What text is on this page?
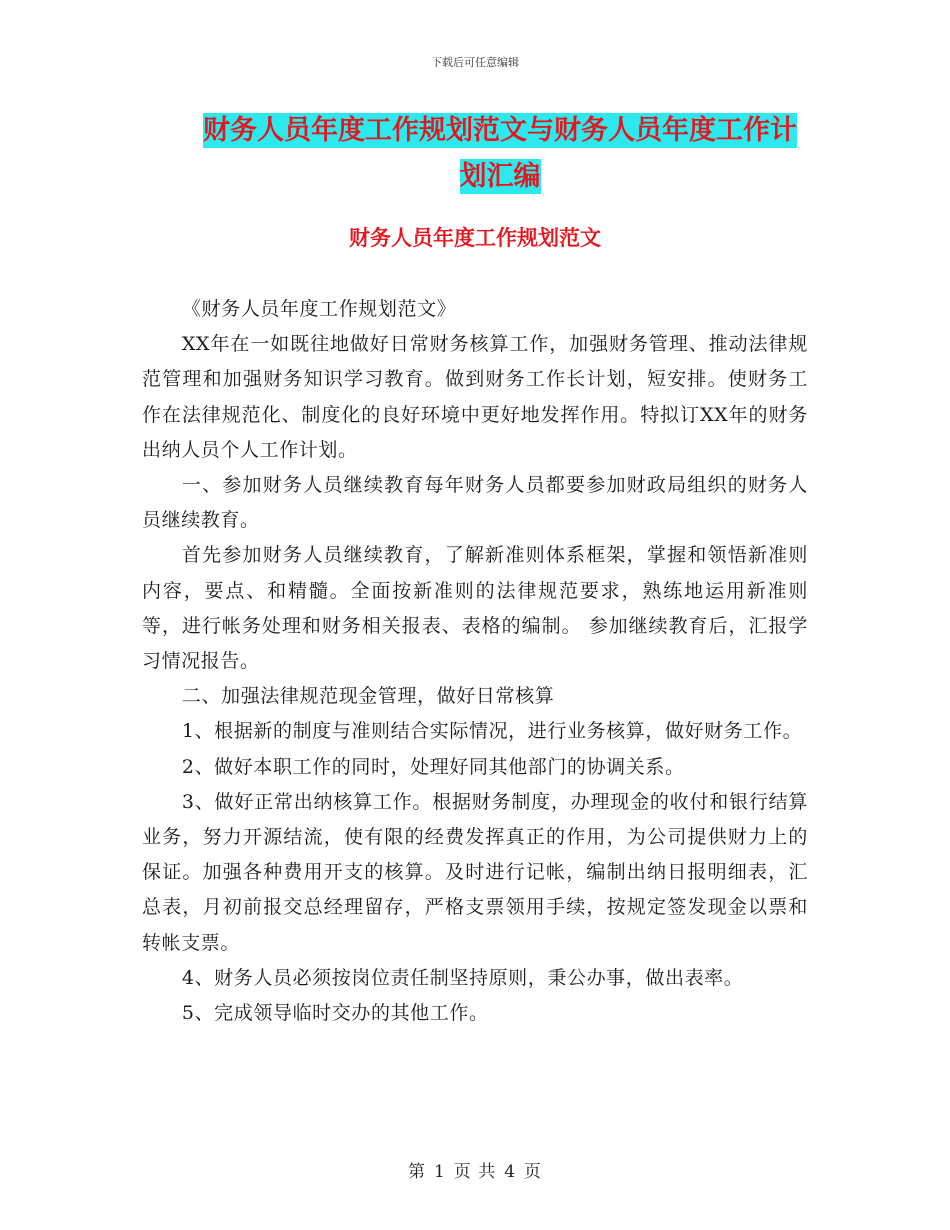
下载后可任意编辑
财务人员年度工作规划范文与财务人员年度工作计划汇编
财务人员年度工作规划范文

《财务人员年度工作规划范文》

XX年在一如既往地做好日常财务核算工作，加强财务管理、推动法律规范管理和加强财务知识学习教育。做到财务工作长计划，短安排。使财务工作在法律规范化、制度化的良好环境中更好地发挥作用。特拟订XX年的财务出纳人员个人工作计划。

一、参加财务人员继续教育每年财务人员都要参加财政局组织的财务人员继续教育。

首先参加财务人员继续教育，了解新准则体系框架，掌握和领悟新准则内容，要点、和精髓。全面按新准则的法律规范要求，熟练地运用新准则等，进行帐务处理和财务相关报表、表格的编制。 参加继续教育后，汇报学习情况报告。

二、加强法律规范现金管理，做好日常核算

1、根据新的制度与准则结合实际情况，进行业务核算，做好财务工作。

2、做好本职工作的同时，处理好同其他部门的协调关系。

3、做好正常出纳核算工作。根据财务制度，办理现金的收付和银行结算业务，努力开源结流，使有限的经费发挥真正的作用，为公司提供财力上的保证。加强各种费用开支的核算。及时进行记帐，编制出纳日报明细表，汇总表，月初前报交总经理留存，严格支票领用手续，按规定签发现金以票和转帐支票。

4、财务人员必须按岗位责任制坚持原则，秉公办事，做出表率。

5、完成领导临时交办的其他工作。

第 1 页 共 4 页
